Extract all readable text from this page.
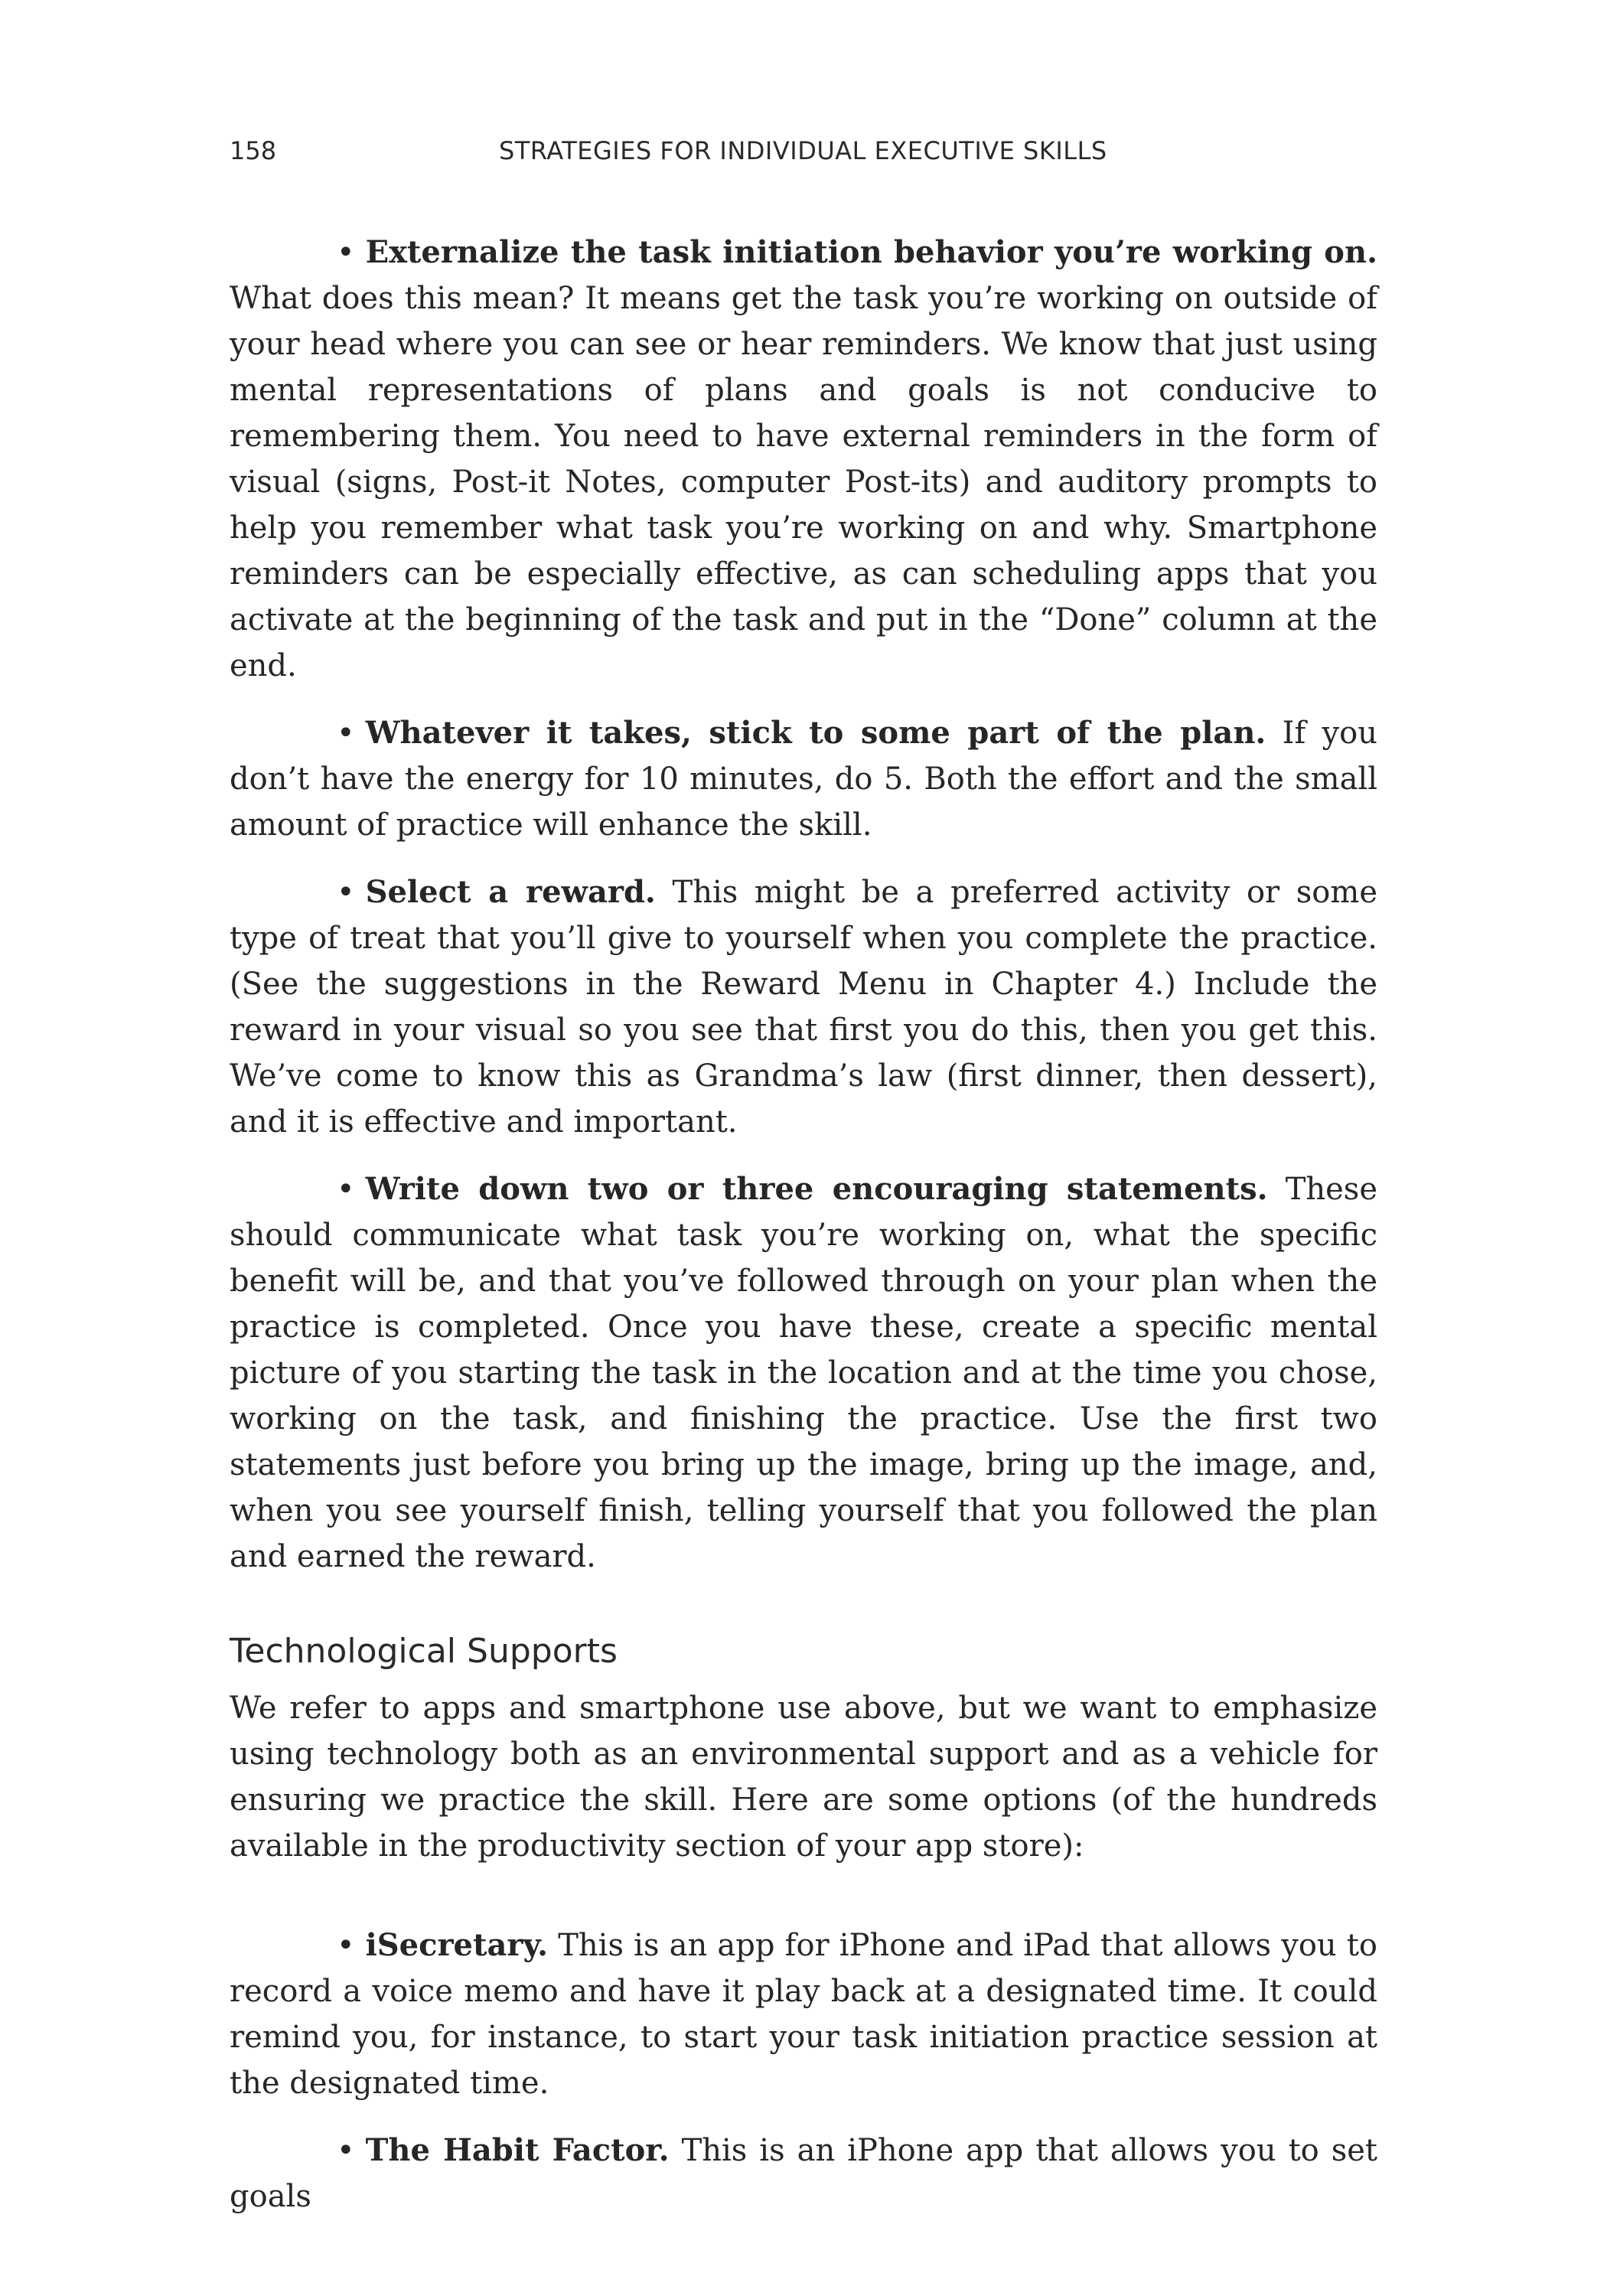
158	STRATEGIES FOR INDIVIDUAL EXECUTIVE SKILLS

• Externalize the task initiation behavior you’re working on. What does this mean? It means get the task you’re working on outside of your head where you can see or hear reminders. We know that just using mental representations of plans and goals is not conducive to remembering them. You need to have external reminders in the form of visual (signs, Post-it Notes, computer Post-its) and auditory prompts to help you remember what task you’re working on and why. Smartphone reminders can be especially effective, as can scheduling apps that you activate at the beginning of the task and put in the “Done” column at the end.

• Whatever it takes, stick to some part of the plan. If you don’t have the energy for 10 minutes, do 5. Both the effort and the small amount of practice will enhance the skill.

• Select a reward. This might be a preferred activity or some type of treat that you’ll give to yourself when you complete the practice. (See the suggestions in the Reward Menu in Chapter 4.) Include the reward in your visual so you see that first you do this, then you get this. We’ve come to know this as Grandma’s law (first dinner, then dessert), and it is effective and important.

• Write down two or three encouraging statements. These should communicate what task you’re working on, what the specific benefit will be, and that you’ve followed through on your plan when the practice is completed. Once you have these, create a specific mental picture of you starting the task in the location and at the time you chose, working on the task, and finishing the practice. Use the first two statements just before you bring up the image, bring up the image, and, when you see yourself finish, telling yourself that you followed the plan and earned the reward.

Technological Supports

We refer to apps and smartphone use above, but we want to emphasize using technology both as an environmental support and as a vehicle for ensuring we practice the skill. Here are some options (of the hundreds available in the productivity section of your app store):

• iSecretary. This is an app for iPhone and iPad that allows you to record a voice memo and have it play back at a designated time. It could remind you, for instance, to start your task initiation practice session at the designated time.

• The Habit Factor. This is an iPhone app that allows you to set goals
